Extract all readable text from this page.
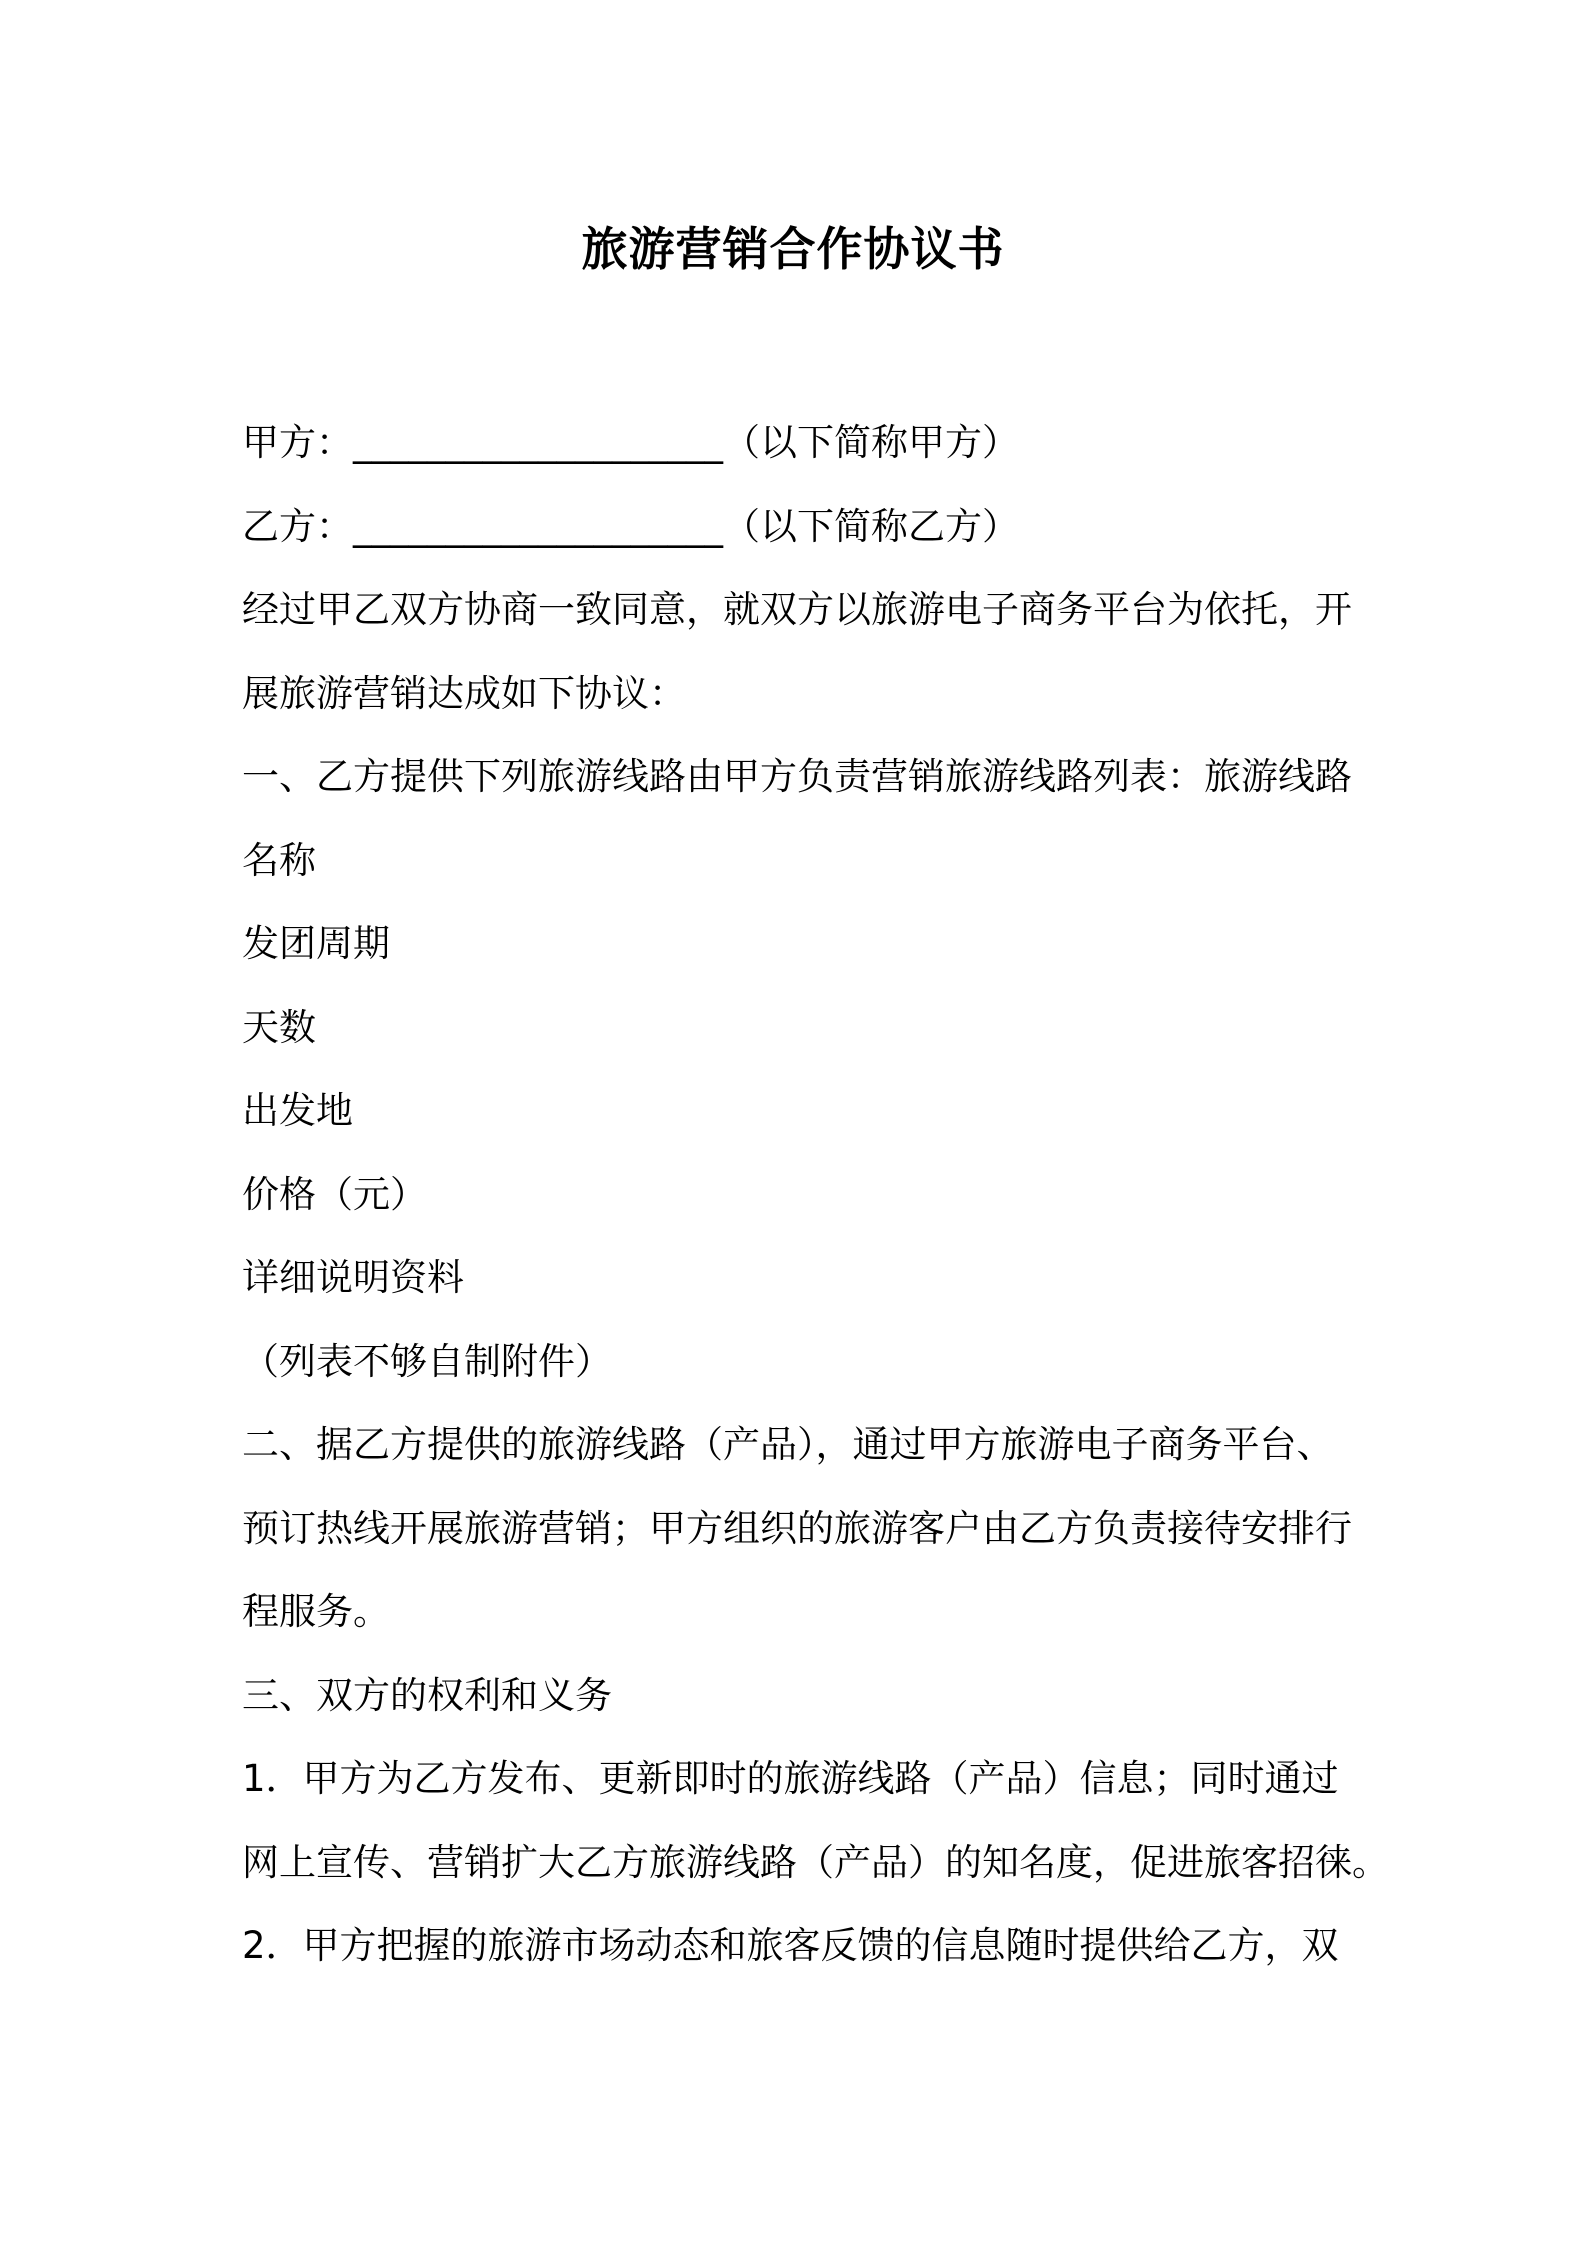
旅游营销合作协议书
甲方：____________________（以下简称甲方）
乙方：____________________（以下简称乙方）
经过甲乙双方协商一致同意，就双方以旅游电子商务平台为依托，开
展旅游营销达成如下协议：
一、乙方提供下列旅游线路由甲方负责营销旅游线路列表：旅游线路
名称
发团周期
天数
出发地
价格（元）
详细说明资料
（列表不够自制附件）
二、据乙方提供的旅游线路（产品），通过甲方旅游电子商务平台、
预订热线开展旅游营销；甲方组织的旅游客户由乙方负责接待安排行
程服务。
三、双方的权利和义务
1．甲方为乙方发布、更新即时的旅游线路（产品）信息；同时通过
网上宣传、营销扩大乙方旅游线路（产品）的知名度，促进旅客招徕。
2．甲方把握的旅游市场动态和旅客反馈的信息随时提供给乙方，双
